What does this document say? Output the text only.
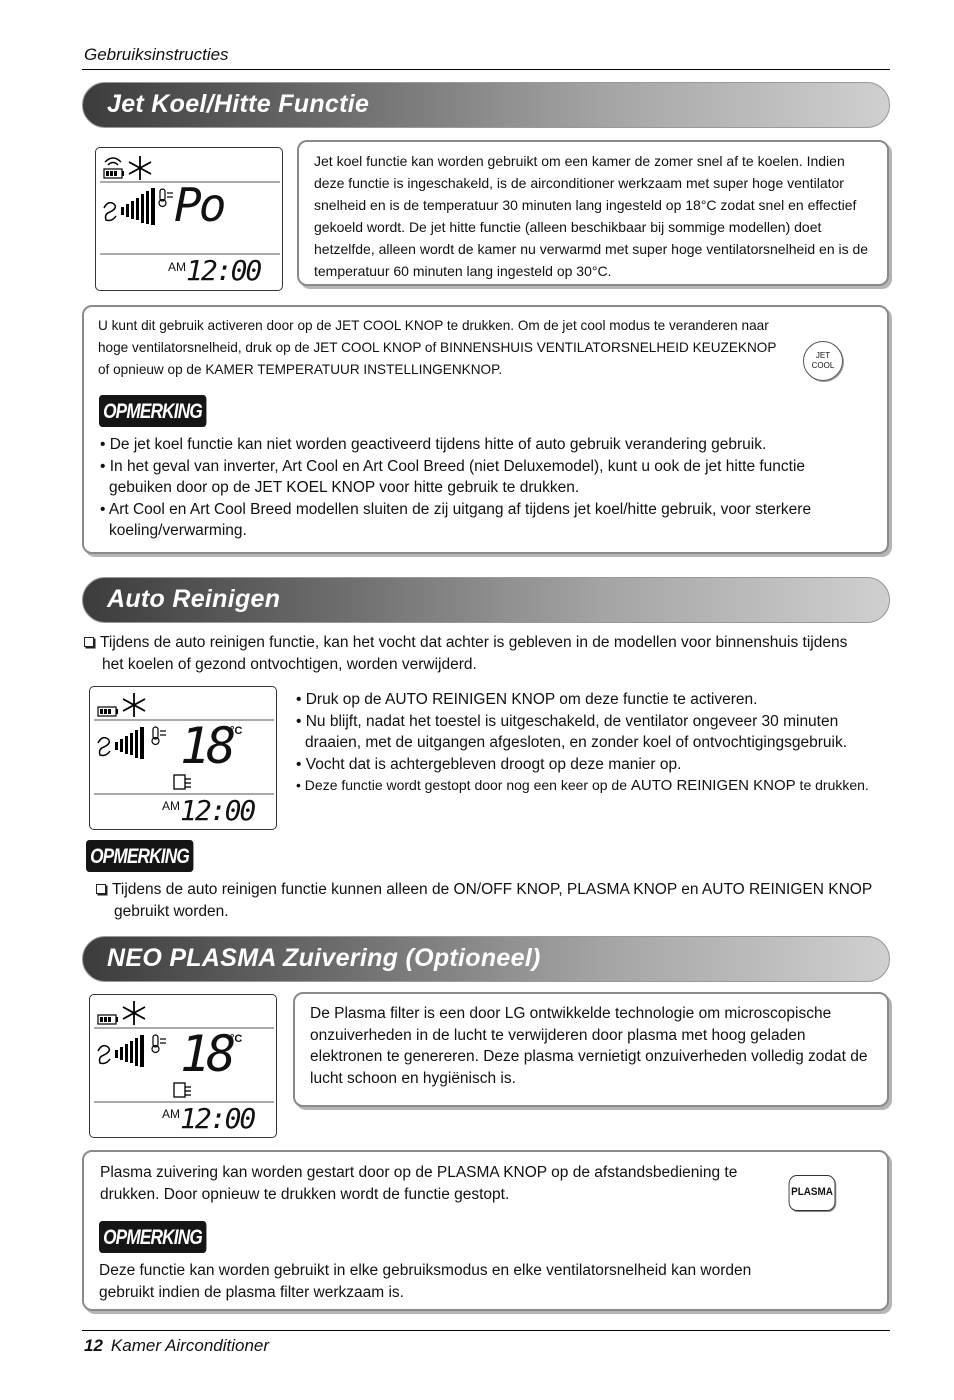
Gebruiksinstructies
Jet Koel/Hitte Functie
Po
AM 12:00

Jet koel functie kan worden gebruikt om een kamer de zomer snel af te koelen. Indien deze functie is ingeschakeld, is de airconditioner werkzaam met super hoge ventilator snelheid en is de temperatuur 30 minuten lang ingesteld op 18°C zodat snel en effectief gekoeld wordt. De jet hitte functie (alleen beschikbaar bij sommige modellen) doet hetzelfde, alleen wordt de kamer nu verwarmd met super hoge ventilatorsnelheid en is de temperatuur 60 minuten lang ingesteld op 30°C.

U kunt dit gebruik activeren door op de JET COOL KNOP te drukken. Om de jet cool modus te veranderen naar hoge ventilatorsnelheid, druk op de JET COOL KNOP of BINNENSHUIS VENTILATORSNELHEID KEUZEKNOP of opnieuw op de KAMER TEMPERATUUR INSTELLINGENKNOP.

JET
COOL
OPMERKING
• De jet koel functie kan niet worden geactiveerd tijdens hitte of auto gebruik verandering gebruik.
• In het geval van inverter, Art Cool en Art Cool Breed (niet Deluxemodel), kunt u ook de jet hitte functie gebuiken door op de JET KOEL KNOP voor hitte gebruik te drukken.
• Art Cool en Art Cool Breed modellen sluiten de zij uitgang af tijdens jet koel/hitte gebruik, voor sterkere koeling/verwarming.
Auto Reinigen
Tijdens de auto reinigen functie, kan het vocht dat achter is gebleven in de modellen voor binnenshuis tijdens het koelen of gezond ontvochtigen, worden verwijderd.
18
°C
AM 12:00
• Druk op de AUTO REINIGEN KNOP om deze functie te activeren.
• Nu blijft, nadat het toestel is uitgeschakeld, de ventilator ongeveer 30 minuten draaien, met de uitgangen afgesloten, en zonder koel of ontvochtigingsgebruik.
• Vocht dat is achtergebleven droogt op deze manier op.
• Deze functie wordt gestopt door nog een keer op de AUTO REINIGEN KNOP te drukken.
OPMERKING
Tijdens de auto reinigen functie kunnen alleen de ON/OFF KNOP, PLASMA KNOP en AUTO REINIGEN KNOP gebruikt worden.
NEO PLASMA Zuivering (Optioneel)
18
°C
AM 12:00

De Plasma filter is een door LG ontwikkelde technologie om microscopische onzuiverheden in de lucht te verwijderen door plasma met hoog geladen elektronen te genereren. Deze plasma vernietigt onzuiverheden volledig zodat de lucht schoon en hygiënisch is.

Plasma zuivering kan worden gestart door op de PLASMA KNOP op de afstandsbediening te drukken. Door opnieuw te drukken wordt de functie gestopt.	PLASMA
OPMERKING

Deze functie kan worden gebruikt in elke gebruiksmodus en elke ventilatorsnelheid kan worden gebruikt indien de plasma filter werkzaam is.

12 Kamer Airconditioner
